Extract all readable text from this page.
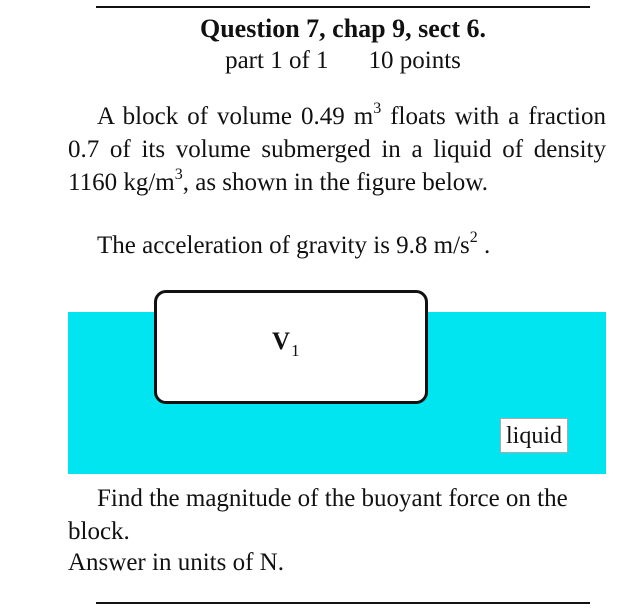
Question 7, chap 9, sect 6.

part 1 of 1 10 points

A block of volume 0.49 $m^3$ floats with a fraction 0.7 of its volume submerged in a liquid of density 1160 $kg/m^3$, as shown in the figure below.
The acceleration of gravity is 9.8 $m/s^2$ .
$V_1$
liquid
Find the magnitude of the buoyant force on the block.
Answer in units of N.
